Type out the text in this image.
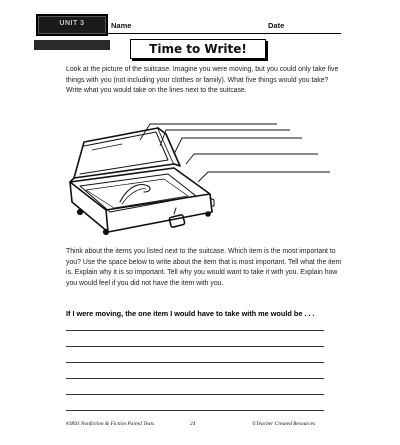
UNIT 3	Name	Date
Time to Write!
Look at the picture of the suitcase. Imagine you were moving, but you could only take five things with you (not including your clothes or family). What five things would you take? Write what you would take on the lines next to the suitcase.
Think about the items you listed next to the suitcase. Which item is the most important to you? Use the space below to write about the item that is most important. Tell what the item is. Explain why it is so important. Tell why you would want to take it with you. Explain how you would feel if you did not have the item with you.
If I were moving, the one item I would have to take with me would be . . .
#3893 Nonfiction & Fiction Paired Texts	24	©Teacher Created Resources
